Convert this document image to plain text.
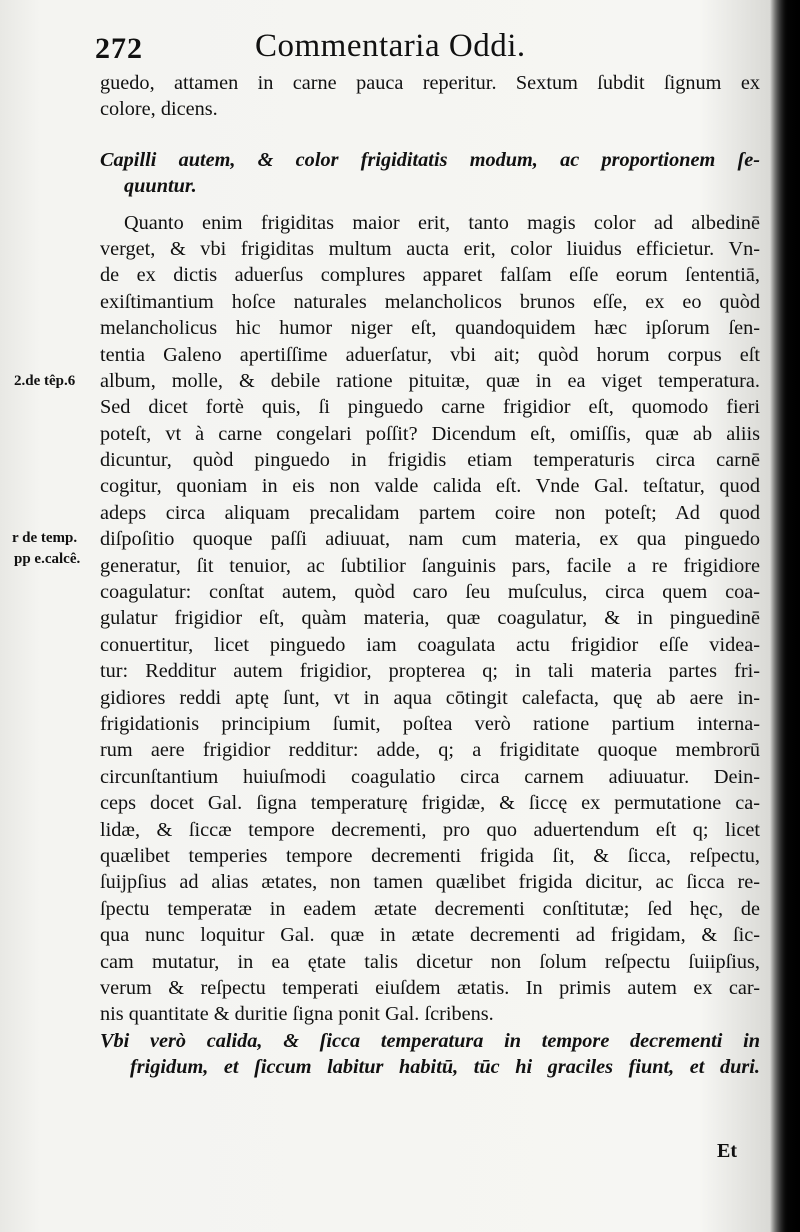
272	Commentaria Oddi.
2.de têp.6
r de temp.
pp e.calcê.
guedo, attamen in carne pauca reperitur. Sextum ſubdit ſignum ex
colore, dicens.
Capilli autem, & color frigiditatis modum, ac proportionem ſe-
quuntur.
Quanto enim frigiditas maior erit, tanto magis color ad albedinē
verget, & vbi frigiditas multum aucta erit, color liuidus efficietur. Vn-
de ex dictis aduerſus complures apparet falſam eſſe eorum ſententiā,
exiſtimantium hoſce naturales melancholicos brunos eſſe, ex eo quòd
melancholicus hic humor niger eſt, quandoquidem hæc ipſorum ſen-
tentia Galeno apertiſſime aduerſatur, vbi ait; quòd horum corpus eſt
album, molle, & debile ratione pituitæ, quæ in ea viget temperatura.
Sed dicet fortè quis, ſi pinguedo carne frigidior eſt, quomodo fieri
poteſt, vt à carne congelari poſſit? Dicendum eſt, omiſſis, quæ ab aliis
dicuntur, quòd pinguedo in frigidis etiam temperaturis circa carnē
cogitur, quoniam in eis non valde calida eſt. Vnde Gal. teſtatur, quod
adeps circa aliquam precalidam partem coire non poteſt; Ad quod
diſpoſitio quoque paſſi adiuuat, nam cum materia, ex qua pinguedo
generatur, ſit tenuior, ac ſubtilior ſanguinis pars, facile a re frigidiore
coagulatur: conſtat autem, quòd caro ſeu muſculus, circa quem coa-
gulatur frigidior eſt, quàm materia, quæ coagulatur, & in pinguedinē
conuertitur, licet pinguedo iam coagulata actu frigidior eſſe videa-
tur: Redditur autem frigidior, propterea q; in tali materia partes fri-
gidiores reddi aptę ſunt, vt in aqua cōtingit calefacta, quę ab aere in-
frigidationis principium ſumit, poſtea verò ratione partium interna-
rum aere frigidior redditur: adde, q; a frigiditate quoque membrorū
circunſtantium huiuſmodi coagulatio circa carnem adiuuatur. Dein-
ceps docet Gal. ſigna temperaturę frigidæ, & ſiccę ex permutatione ca-
lidæ, & ſiccæ tempore decrementi, pro quo aduertendum eſt q; licet
quælibet temperies tempore decrementi frigida ſit, & ſicca, reſpectu,
ſuijpſius ad alias ætates, non tamen quælibet frigida dicitur, ac ſicca re-
ſpectu temperatæ in eadem ætate decrementi conſtitutæ; ſed hęc, de
qua nunc loquitur Gal. quæ in ætate decrementi ad frigidam, & ſic-
cam mutatur, in ea ętate talis dicetur non ſolum reſpectu ſuiipſius,
verum & reſpectu temperati eiuſdem ætatis. In primis autem ex car-
nis quantitate & duritie ſigna ponit Gal. ſcribens.
Vbi verò calida, & ſicca temperatura in tempore decrementi in
frigidum, et ſiccum labitur habitū, tūc hi graciles fiunt, et duri.
Et
